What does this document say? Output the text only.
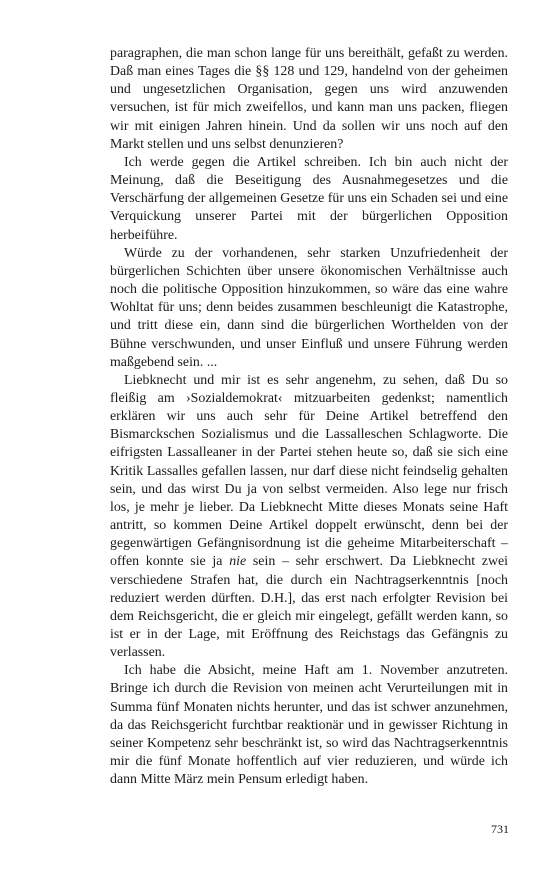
paragraphen, die man schon lange für uns bereithält, gefaßt zu werden. Daß man eines Tages die §§ 128 und 129, handelnd von der geheimen und ungesetzlichen Organisation, gegen uns wird anzuwenden versuchen, ist für mich zweifellos, und kann man uns packen, fliegen wir mit einigen Jahren hinein. Und da sollen wir uns noch auf den Markt stellen und uns selbst denunzieren?

Ich werde gegen die Artikel schreiben. Ich bin auch nicht der Meinung, daß die Beseitigung des Ausnahmegesetzes und die Verschärfung der allgemeinen Gesetze für uns ein Schaden sei und eine Verquickung unserer Partei mit der bürgerlichen Opposition herbeiführe.

Würde zu der vorhandenen, sehr starken Unzufriedenheit der bürgerlichen Schichten über unsere ökonomischen Verhältnisse auch noch die politische Opposition hinzukommen, so wäre das eine wahre Wohltat für uns; denn beides zusammen beschleunigt die Katastrophe, und tritt diese ein, dann sind die bürgerlichen Worthelden von der Bühne verschwunden, und unser Einfluß und unsere Führung werden maßgebend sein. ...

Liebknecht und mir ist es sehr angenehm, zu sehen, daß Du so fleißig am ›Sozialdemokrat‹ mitzuarbeiten gedenkst; namentlich erklären wir uns auch sehr für Deine Artikel betreffend den Bismarckschen Sozialismus und die Lassalleschen Schlagworte. Die eifrigsten Lassalleaner in der Partei stehen heute so, daß sie sich eine Kritik Lassalles gefallen lassen, nur darf diese nicht feindselig gehalten sein, und das wirst Du ja von selbst vermeiden. Also lege nur frisch los, je mehr je lieber. Da Liebknecht Mitte dieses Monats seine Haft antritt, so kommen Deine Artikel doppelt erwünscht, denn bei der gegenwärtigen Gefängnisordnung ist die geheime Mitarbeiterschaft – offen konnte sie ja nie sein – sehr erschwert. Da Liebknecht zwei verschiedene Strafen hat, die durch ein Nachtragserkenntnis [noch reduziert werden dürften. D.H.], das erst nach erfolgter Revision bei dem Reichsgericht, die er gleich mir eingelegt, gefällt werden kann, so ist er in der Lage, mit Eröffnung des Reichstags das Gefängnis zu verlassen.

Ich habe die Absicht, meine Haft am 1. November anzutreten. Bringe ich durch die Revision von meinen acht Verurteilungen mit in Summa fünf Monaten nichts herunter, und das ist schwer anzunehmen, da das Reichsgericht furchtbar reaktionär und in gewisser Richtung in seiner Kompetenz sehr beschränkt ist, so wird das Nachtragserkenntnis mir die fünf Monate hoffentlich auf vier reduzieren, und würde ich dann Mitte März mein Pensum erledigt haben.

731
